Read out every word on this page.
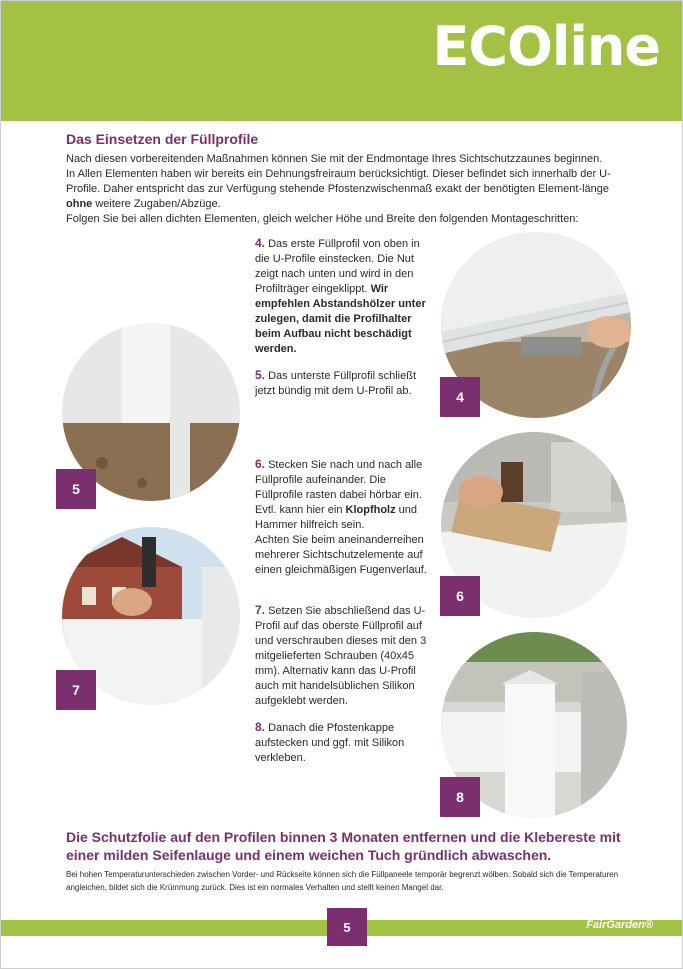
ECOline
Das Einsetzen der Füllprofile

Nach diesen vorbereitenden Maßnahmen können Sie mit der Endmontage Ihres Sichtschutzzaunes beginnen.

In Allen Elementen haben wir bereits ein Dehnungsfreiraum berücksichtigt. Dieser befindet sich innerhalb der U-Profile. Daher entspricht das zur Verfügung stehende Pfostenzwischenmaß exakt der benötigten Element-länge ohne weitere Zugaben/Abzüge.

Folgen Sie bei allen dichten Elementen, gleich welcher Höhe und Breite den folgenden Montageschritten:

4. Das erste Füllprofil von oben in die U-Profile einstecken. Die Nut zeigt nach unten und wird in den Profilträger eingeklippt. Wir empfehlen Abstandshölzer unter zulegen, damit die Profilhalter beim Aufbau nicht beschädigt werden.
5. Das unterste Füllprofil schließt jetzt bündig mit dem U-Profil ab.
6. Stecken Sie nach und nach alle Füllprofile aufeinander. Die Füllprofile rasten dabei hörbar ein. Evtl. kann hier ein Klopfholz und Hammer hilfreich sein.
Achten Sie beim aneinanderreihen mehrerer Sichtschutzelemente auf einen gleichmäßigen Fugenverlauf.
7. Setzen Sie abschließend das U-Profil auf das oberste Füllprofil auf und verschrauben dieses mit den 3 mitgelieferten Schrauben (40x45 mm). Alternativ kann das U-Profil auch mit handelsüblichen Silikon aufgeklebt werden.
8. Danach die Pfostenkappe aufstecken und ggf. mit Silikon verkleben.
4
5
6
7
8
Die Schutzfolie auf den Profilen binnen 3 Monaten entfernen und die Klebereste mit einer milden Seifenlauge und einem weichen Tuch gründlich abwaschen.
Bei hohen Temperaturunterschieden zwischen Vorder- und Rückseite können sich die Füllpaneele temporär begrenzt wölben. Sobald sich die Temperaturen angleichen, bildet sich die Krümmung zurück. Dies ist ein normales Verhalten und stellt keinen Mangel dar.
5	FairGarden®
